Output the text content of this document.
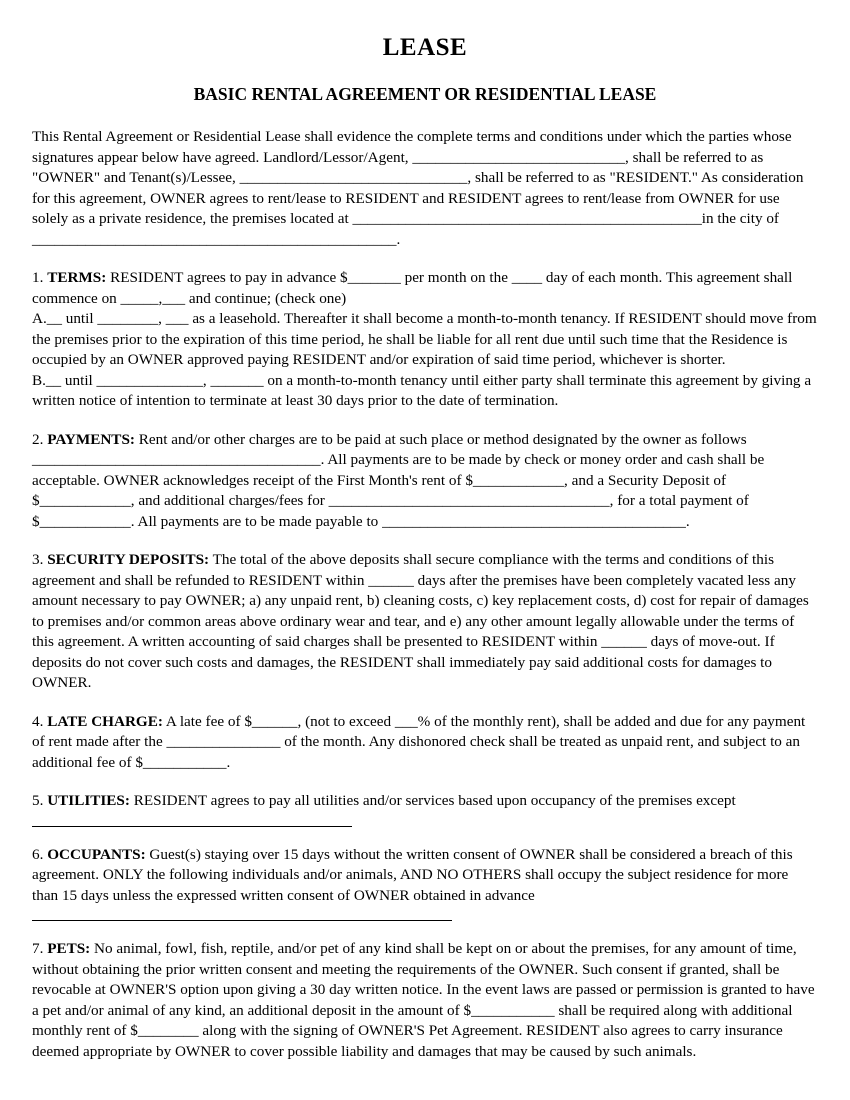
LEASE
BASIC RENTAL AGREEMENT OR RESIDENTIAL LEASE

This Rental Agreement or Residential Lease shall evidence the complete terms and conditions under which the parties whose signatures appear below have agreed. Landlord/Lessor/Agent, ____________________________, shall be referred to as "OWNER" and Tenant(s)/Lessee, ______________________________, shall be referred to as "RESIDENT." As consideration for this agreement, OWNER agrees to rent/lease to RESIDENT and RESIDENT agrees to rent/lease from OWNER for use solely as a private residence, the premises located at ______________________________________________in the city of ________________________________________________.

1. TERMS: RESIDENT agrees to pay in advance $_______ per month on the ____ day of each month. This agreement shall commence on _____,___ and continue; (check one)
A.__ until ________, ___ as a leasehold. Thereafter it shall become a month-to-month tenancy. If RESIDENT should move from the premises prior to the expiration of this time period, he shall be liable for all rent due until such time that the Residence is occupied by an OWNER approved paying RESIDENT and/or expiration of said time period, whichever is shorter.
B.__ until ______________, _______ on a month-to-month tenancy until either party shall terminate this agreement by giving a written notice of intention to terminate at least 30 days prior to the date of termination.
2. PAYMENTS: Rent and/or other charges are to be paid at such place or method designated by the owner as follows ______________________________________. All payments are to be made by check or money order and cash shall be acceptable. OWNER acknowledges receipt of the First Month's rent of $____________, and a Security Deposit of $____________, and additional charges/fees for _____________________________________, for a total payment of $____________. All payments are to be made payable to ________________________________________.
3. SECURITY DEPOSITS: The total of the above deposits shall secure compliance with the terms and conditions of this agreement and shall be refunded to RESIDENT within ______ days after the premises have been completely vacated less any amount necessary to pay OWNER; a) any unpaid rent, b) cleaning costs, c) key replacement costs, d) cost for repair of damages to premises and/or common areas above ordinary wear and tear, and e) any other amount legally allowable under the terms of this agreement. A written accounting of said charges shall be presented to RESIDENT within ______ days of move-out. If deposits do not cover such costs and damages, the RESIDENT shall immediately pay said additional costs for damages to OWNER.
4. LATE CHARGE: A late fee of $______, (not to exceed ___% of the monthly rent), shall be added and due for any payment of rent made after the _______________ of the month. Any dishonored check shall be treated as unpaid rent, and subject to an additional fee of $___________.
5. UTILITIES: RESIDENT agrees to pay all utilities and/or services based upon occupancy of the premises except
6. OCCUPANTS: Guest(s) staying over 15 days without the written consent of OWNER shall be considered a breach of this agreement. ONLY the following individuals and/or animals, AND NO OTHERS shall occupy the subject residence for more than 15 days unless the expressed written consent of OWNER obtained in advance
7. PETS: No animal, fowl, fish, reptile, and/or pet of any kind shall be kept on or about the premises, for any amount of time, without obtaining the prior written consent and meeting the requirements of the OWNER. Such consent if granted, shall be revocable at OWNER'S option upon giving a 30 day written notice. In the event laws are passed or permission is granted to have a pet and/or animal of any kind, an additional deposit in the amount of $___________ shall be required along with additional monthly rent of $________ along with the signing of OWNER'S Pet Agreement. RESIDENT also agrees to carry insurance deemed appropriate by OWNER to cover possible liability and damages that may be caused by such animals.
